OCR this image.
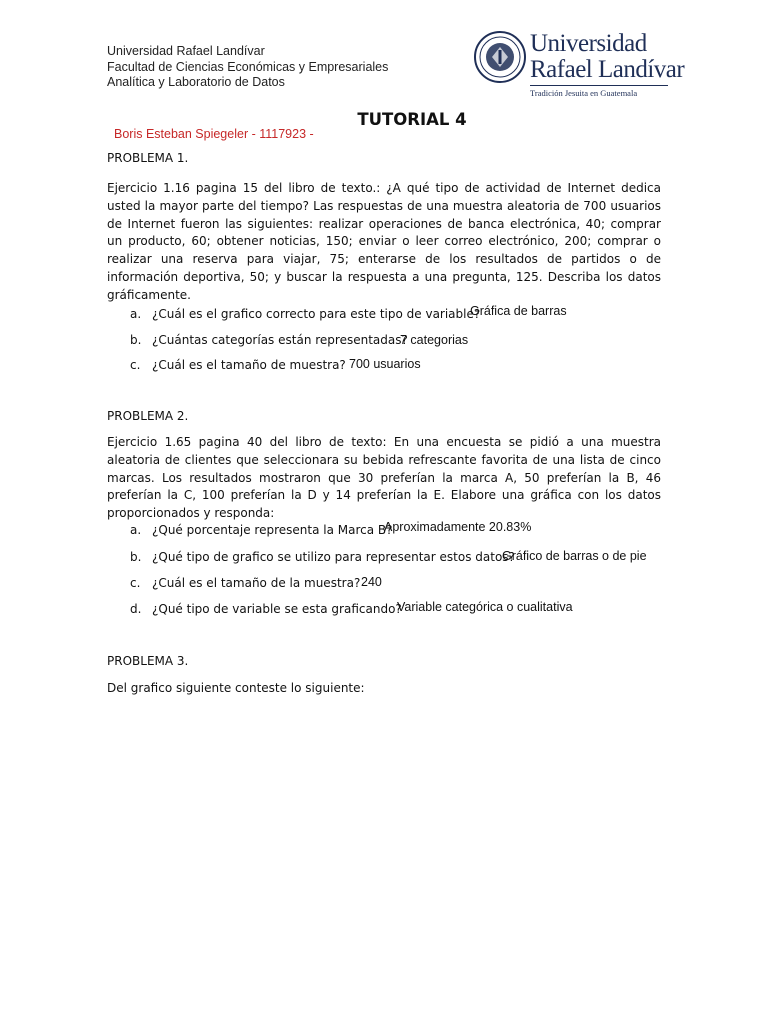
Universidad Rafael Landívar
Facultad de Ciencias Económicas y Empresariales
Analítica y Laboratorio de Datos
Universidad
Rafael Landívar
Tradición Jesuita en Guatemala
TUTORIAL 4
Boris Esteban Spiegeler - 1117923 -
PROBLEMA 1.

Ejercicio 1.16 pagina 15 del libro de texto.: ¿A qué tipo de actividad de Internet dedica usted la mayor parte del tiempo? Las respuestas de una muestra aleatoria de 700 usuarios de Internet fueron las siguientes: realizar operaciones de banca electrónica, 40; comprar un producto, 60; obtener noticias, 150; enviar o leer correo electrónico, 200; comprar o realizar una reserva para viajar, 75; enterarse de los resultados de partidos o de información deportiva, 50; y buscar la respuesta a una pregunta, 125. Describa los datos gráficamente.

a. ¿Cuál es el grafico correcto para este tipo de variable?
Gráfica de barras
b. ¿Cuántas categorías están representadas?
7 categorias
c. ¿Cuál es el tamaño de muestra? 700 usuarios
PROBLEMA 2.

Ejercicio 1.65 pagina 40 del libro de texto: En una encuesta se pidió a una muestra aleatoria de clientes que seleccionara su bebida refrescante favorita de una lista de cinco marcas. Los resultados mostraron que 30 preferían la marca A, 50 preferían la B, 46 preferían la C, 100 preferían la D y 14 preferían la E. Elabore una gráfica con los datos proporcionados y responda:

a. ¿Qué porcentaje representa la Marca B?
Aproximadamente 20.83%
b. ¿Qué tipo de grafico se utilizo para representar estos datos?
Gráfico de barras o de pie
c. ¿Cuál es el tamaño de la muestra? 240
d. ¿Qué tipo de variable se esta graficando?
Variable categórica o cualitativa
PROBLEMA 3.
Del grafico siguiente conteste lo siguiente:
